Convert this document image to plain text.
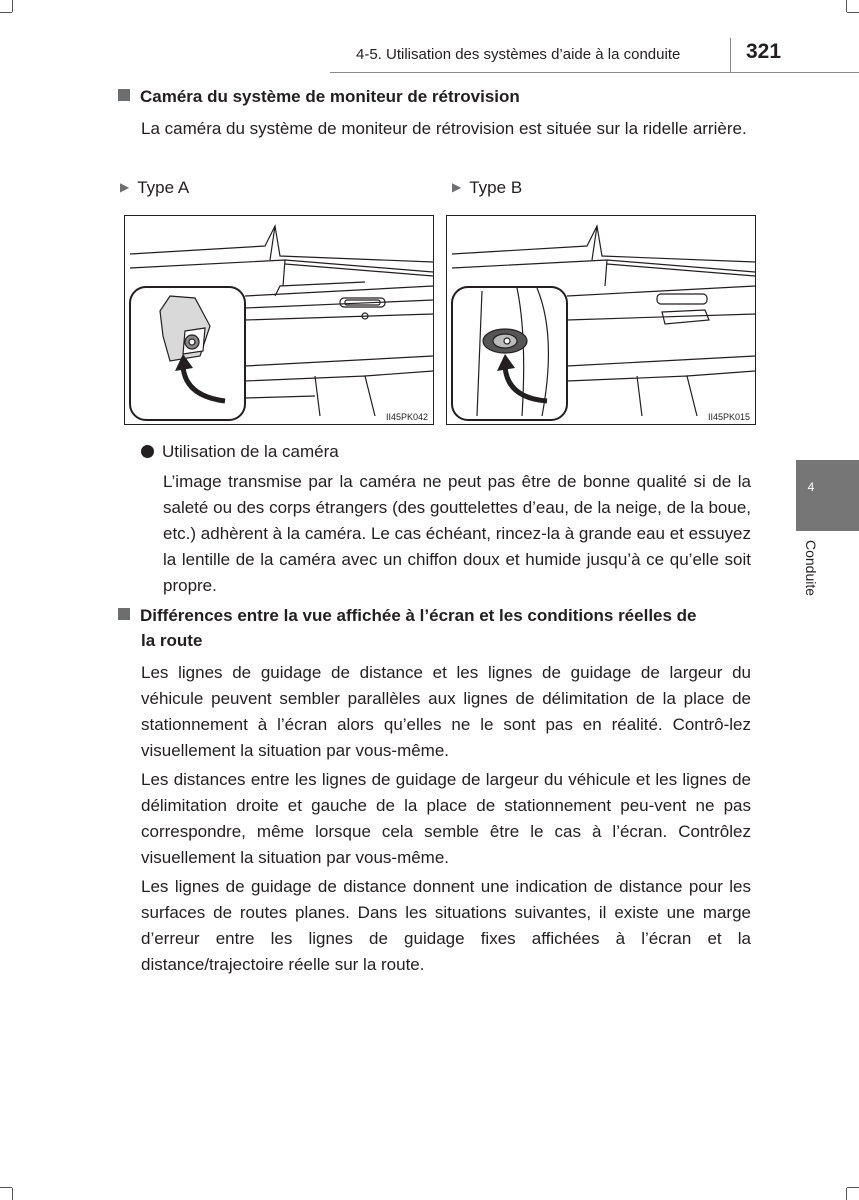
4-5. Utilisation des systèmes d’aide à la conduite	321
4
Conduite
Caméra du système de moniteur de rétrovision
La caméra du système de moniteur de rétrovision est située sur la ridelle arrière.
▶ Type A	▶ Type B
II45PK042	II45PK015
Utilisation de la caméra
L’image transmise par la caméra ne peut pas être de bonne qualité si de la saleté ou des corps étrangers (des gouttelettes d’eau, de la neige, de la boue, etc.) adhèrent à la caméra. Le cas échéant, rincez-la à grande eau et essuyez la lentille de la caméra avec un chiffon doux et humide jusqu’à ce qu’elle soit propre.
Différences entre la vue affichée à l’écran et les conditions réelles de
la route
Les lignes de guidage de distance et les lignes de guidage de largeur du véhicule peuvent sembler parallèles aux lignes de délimitation de la place de stationnement à l’écran alors qu’elles ne le sont pas en réalité. Contrô-lez visuellement la situation par vous-même.
Les distances entre les lignes de guidage de largeur du véhicule et les lignes de délimitation droite et gauche de la place de stationnement peu-vent ne pas correspondre, même lorsque cela semble être le cas à l’écran. Contrôlez visuellement la situation par vous-même.
Les lignes de guidage de distance donnent une indication de distance pour les surfaces de routes planes. Dans les situations suivantes, il existe une marge d’erreur entre les lignes de guidage fixes affichées à l’écran et la distance/trajectoire réelle sur la route.
